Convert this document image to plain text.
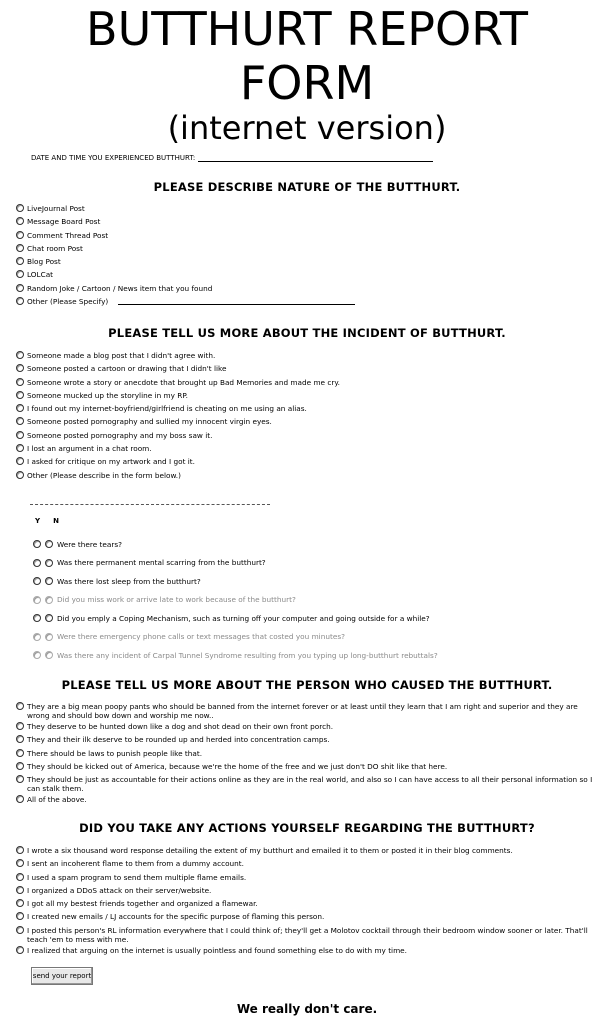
BUTTHURT REPORT
FORM
(internet version)
DATE AND TIME YOU EXPERIENCED BUTTHURT:
PLEASE DESCRIBE NATURE OF THE BUTTHURT.
LiveJournal Post
Message Board Post
Comment Thread Post
Chat room Post
Blog Post
LOLCat
Random Joke / Cartoon / News item that you found
Other (Please Specify)
PLEASE TELL US MORE ABOUT THE INCIDENT OF BUTTHURT.
Someone made a blog post that I didn't agree with.
Someone posted a cartoon or drawing that I didn't like
Someone wrote a story or anecdote that brought up Bad Memories and made me cry.
Someone mucked up the storyline in my RP.
I found out my internet-boyfriend/girlfriend is cheating on me using an alias.
Someone posted pornography and sullied my innocent virgin eyes.
Someone posted pornography and my boss saw it.
I lost an argument in a chat room.
I asked for critique on my artwork and I got it.
Other (Please describe in the form below.)
Y N
Were there tears?
Was there permanent mental scarring from the butthurt?
Was there lost sleep from the butthurt?
Did you miss work or arrive late to work because of the butthurt?
Did you emply a Coping Mechanism, such as turning off your computer and going outside for a while?
Were there emergency phone calls or text messages that costed you minutes?
Was there any incident of Carpal Tunnel Syndrome resulting from you typing up long-butthurt rebuttals?
PLEASE TELL US MORE ABOUT THE PERSON WHO CAUSED THE BUTTHURT.
They are a big mean poopy pants who should be banned from the internet forever or at least until they learn that I am right and superior and they are wrong and should bow down and worship me now..
They deserve to be hunted down like a dog and shot dead on their own front porch.
They and their ilk deserve to be rounded up and herded into concentration camps.
There should be laws to punish people like that.
They should be kicked out of America, because we're the home of the free and we just don't DO shit like that here.
They should be just as accountable for their actions online as they are in the real world, and also so I can have access to all their personal information so I can stalk them.
All of the above.
DID YOU TAKE ANY ACTIONS YOURSELF REGARDING THE BUTTHURT?
I wrote a six thousand word response detailing the extent of my butthurt and emailed it to them or posted it in their blog comments.
I sent an incoherent flame to them from a dummy account.
I used a spam program to send them multiple flame emails.
I organized a DDoS attack on their server/website.
I got all my bestest friends together and organized a flamewar.
I created new emails / LJ accounts for the specific purpose of flaming this person.
I posted this person's RL information everywhere that I could think of; they'll get a Molotov cocktail through their bedroom window sooner or later. That'll teach 'em to mess with me.
I realized that arguing on the internet is usually pointless and found something else to do with my time.
send your report
We really don't care.
